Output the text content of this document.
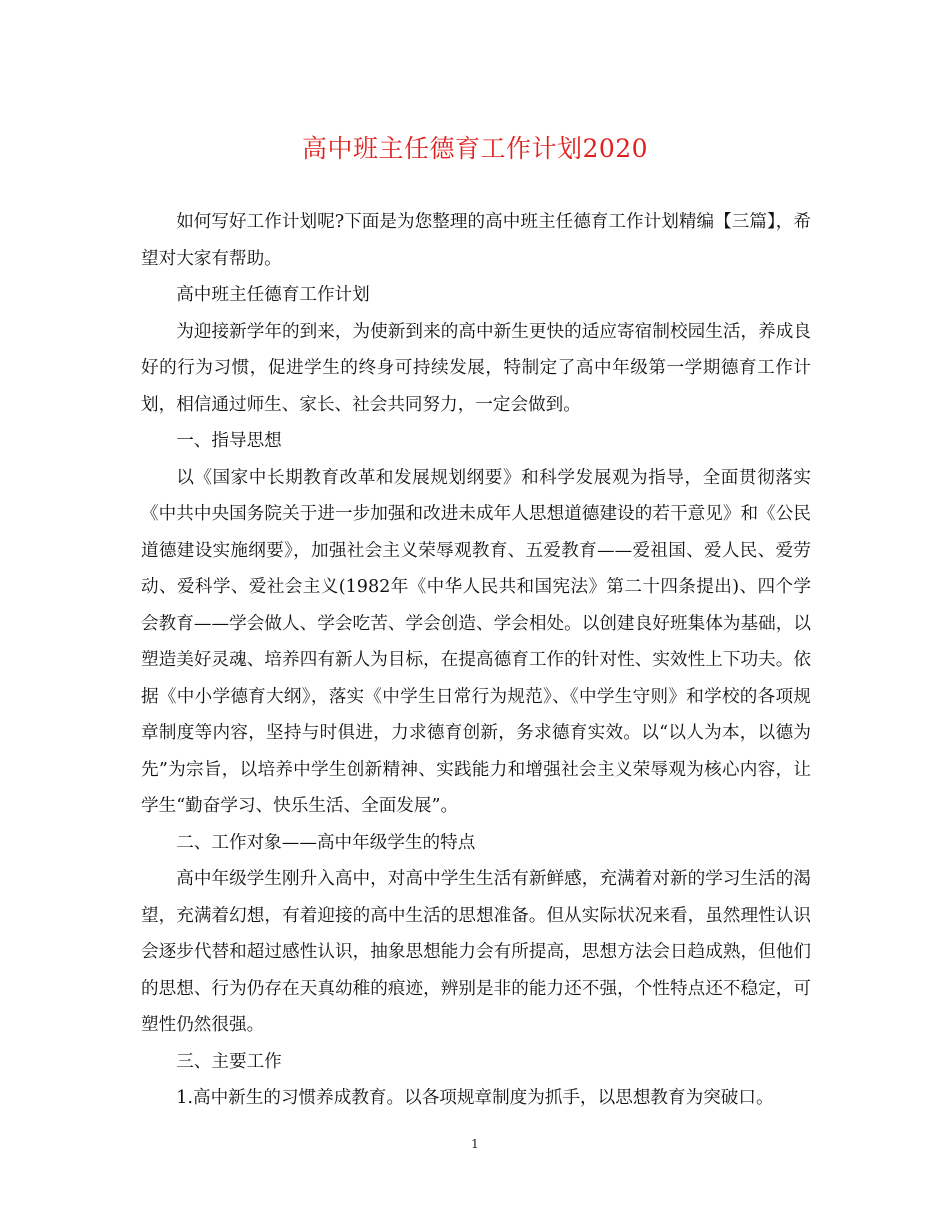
高中班主任德育工作计划2020

如何写好工作计划呢?下面是为您整理的高中班主任德育工作计划精编【三篇】，希望对大家有帮助。

高中班主任德育工作计划

为迎接新学年的到来，为使新到来的高中新生更快的适应寄宿制校园生活，养成良好的行为习惯，促进学生的终身可持续发展，特制定了高中年级第一学期德育工作计划，相信通过师生、家长、社会共同努力，一定会做到。

一、指导思想

以《国家中长期教育改革和发展规划纲要》和科学发展观为指导，全面贯彻落实《中共中央国务院关于进一步加强和改进未成年人思想道德建设的若干意见》和《公民道德建设实施纲要》，加强社会主义荣辱观教育、五爱教育——爱祖国、爱人民、爱劳动、爱科学、爱社会主义(1982年《中华人民共和国宪法》第二十四条提出)、四个学会教育——学会做人、学会吃苦、学会创造、学会相处。以创建良好班集体为基础，以塑造美好灵魂、培养四有新人为目标，在提高德育工作的针对性、实效性上下功夫。依据《中小学德育大纲》，落实《中学生日常行为规范》、《中学生守则》和学校的各项规章制度等内容，坚持与时俱进，力求德育创新，务求德育实效。以“以人为本，以德为先”为宗旨，以培养中学生创新精神、实践能力和增强社会主义荣辱观为核心内容，让学生“勤奋学习、快乐生活、全面发展”。

二、工作对象——高中年级学生的特点

高中年级学生刚升入高中，对高中学生生活有新鲜感，充满着对新的学习生活的渴望，充满着幻想，有着迎接的高中生活的思想准备。但从实际状况来看，虽然理性认识会逐步代替和超过感性认识，抽象思想能力会有所提高，思想方法会日趋成熟，但他们的思想、行为仍存在天真幼稚的痕迹，辨别是非的能力还不强，个性特点还不稳定，可塑性仍然很强。

三、主要工作

1.高中新生的习惯养成教育。以各项规章制度为抓手，以思想教育为突破口。

1
